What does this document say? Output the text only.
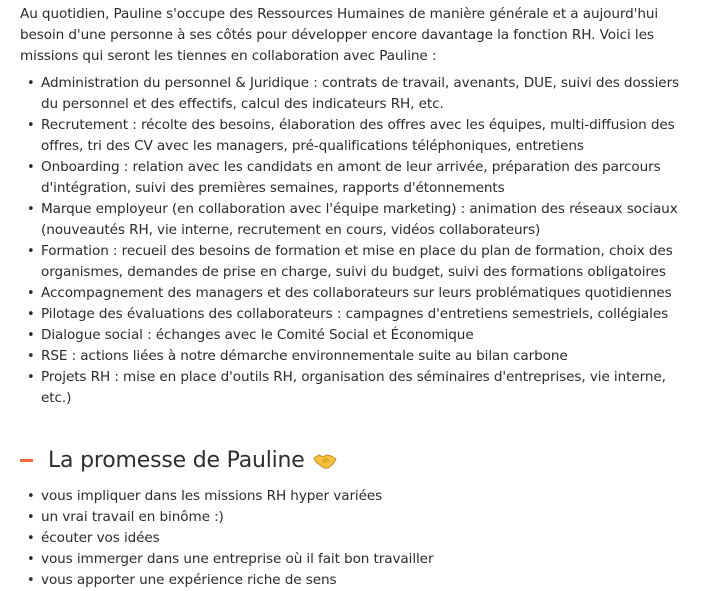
Au quotidien, Pauline s'occupe des Ressources Humaines de manière générale et a aujourd'hui besoin d'une personne à ses côtés pour développer encore davantage la fonction RH. Voici les missions qui seront les tiennes en collaboration avec Pauline :

• Administration du personnel & Juridique : contrats de travail, avenants, DUE, suivi des dossiers du personnel et des effectifs, calcul des indicateurs RH, etc.
• Recrutement : récolte des besoins, élaboration des offres avec les équipes, multi-diffusion des offres, tri des CV avec les managers, pré-qualifications téléphoniques, entretiens
• Onboarding : relation avec les candidats en amont de leur arrivée, préparation des parcours d'intégration, suivi des premières semaines, rapports d'étonnements
• Marque employeur (en collaboration avec l'équipe marketing) : animation des réseaux sociaux (nouveautés RH, vie interne, recrutement en cours, vidéos collaborateurs)
• Formation : recueil des besoins de formation et mise en place du plan de formation, choix des organismes, demandes de prise en charge, suivi du budget, suivi des formations obligatoires
• Accompagnement des managers et des collaborateurs sur leurs problématiques quotidiennes
• Pilotage des évaluations des collaborateurs : campagnes d'entretiens semestriels, collégiales
• Dialogue social : échanges avec le Comité Social et Économique
• RSE : actions liées à notre démarche environnementale suite au bilan carbone
• Projets RH : mise en place d'outils RH, organisation des séminaires d'entreprises, vie interne, etc.)
La promesse de Pauline
• vous impliquer dans les missions RH hyper variées
• un vrai travail en binôme :)
• écouter vos idées
• vous immerger dans une entreprise où il fait bon travailler
• vous apporter une expérience riche de sens
